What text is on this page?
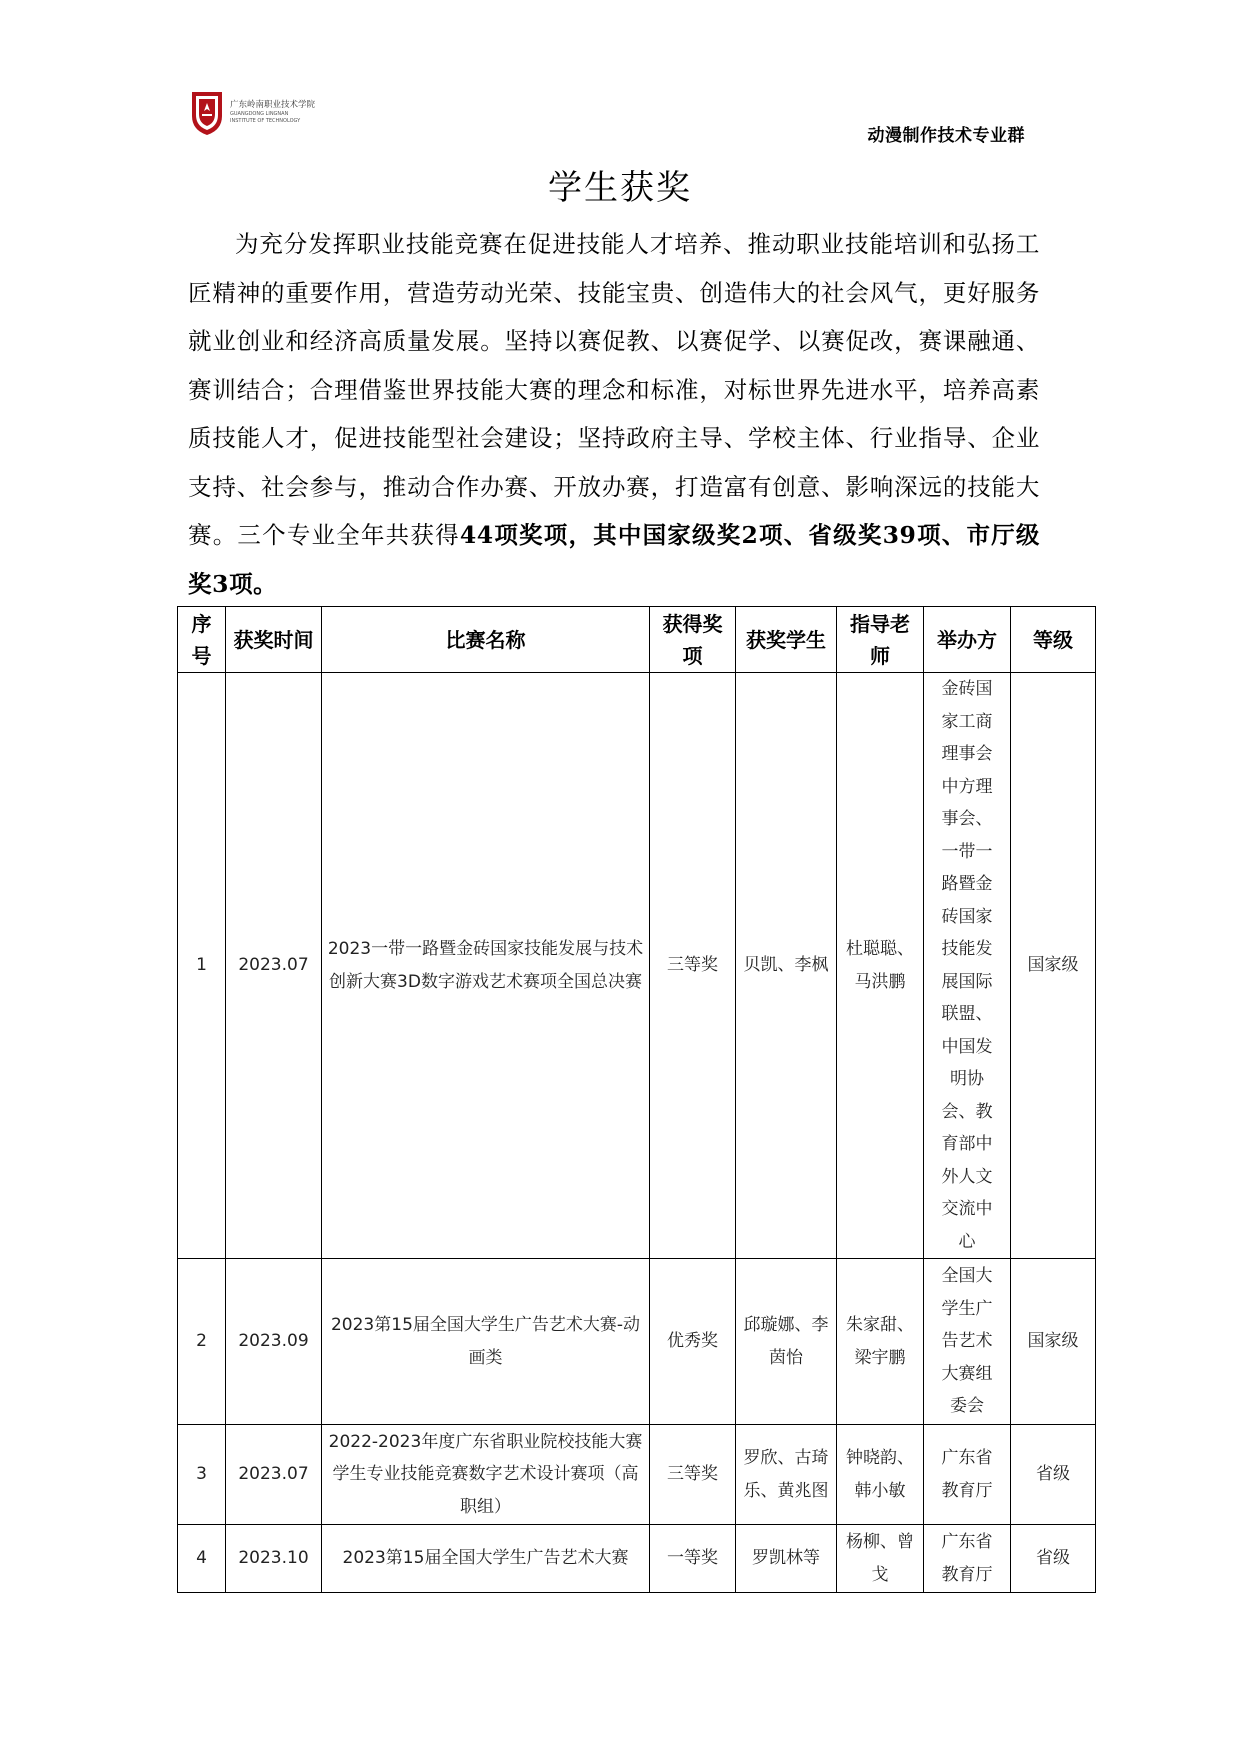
广东岭南职业技术学院
GUANGDONG LINGNAN
INSTITUTE OF TECHNOLOGY
动漫制作技术专业群
学生获奖
为充分发挥职业技能竞赛在促进技能人才培养、推动职业技能培训和弘扬工匠精神的重要作用，营造劳动光荣、技能宝贵、创造伟大的社会风气，更好服务就业创业和经济高质量发展。坚持以赛促教、以赛促学、以赛促改，赛课融通、赛训结合；合理借鉴世界技能大赛的理念和标准，对标世界先进水平，培养高素质技能人才，促进技能型社会建设；坚持政府主导、学校主体、行业指导、企业支持、社会参与，推动合作办赛、开放办赛，打造富有创意、影响深远的技能大赛。三个专业全年共获得44项奖项，其中国家级奖2项、省级奖39项、市厅级奖3项。
序号	获奖时间	比赛名称	获得奖项	获奖学生	指导老师	举办方	等级
1	2023.07	2023一带一路暨金砖国家技能发展与技术创新大赛3D数字游戏艺术赛项全国总决赛	三等奖	贝凯、李枫	杜聪聪、马洪鹏	金砖国家工商理事会中方理事会、一带一路暨金砖国家技能发展国际联盟、中国发明协会、教育部中外人文交流中心	国家级
2	2023.09	2023第15届全国大学生广告艺术大赛-动画类	优秀奖	邱璇娜、李茵怡	朱家甜、梁宇鹏	全国大学生广告艺术大赛组委会	国家级
3	2023.07	2022-2023年度广东省职业院校技能大赛学生专业技能竞赛数字艺术设计赛项（高职组）	三等奖	罗欣、古琦乐、黄兆图	钟晓韵、韩小敏	广东省教育厅	省级
4	2023.10	2023第15届全国大学生广告艺术大赛	一等奖	罗凯林等	杨柳、曾戈	广东省教育厅	省级
